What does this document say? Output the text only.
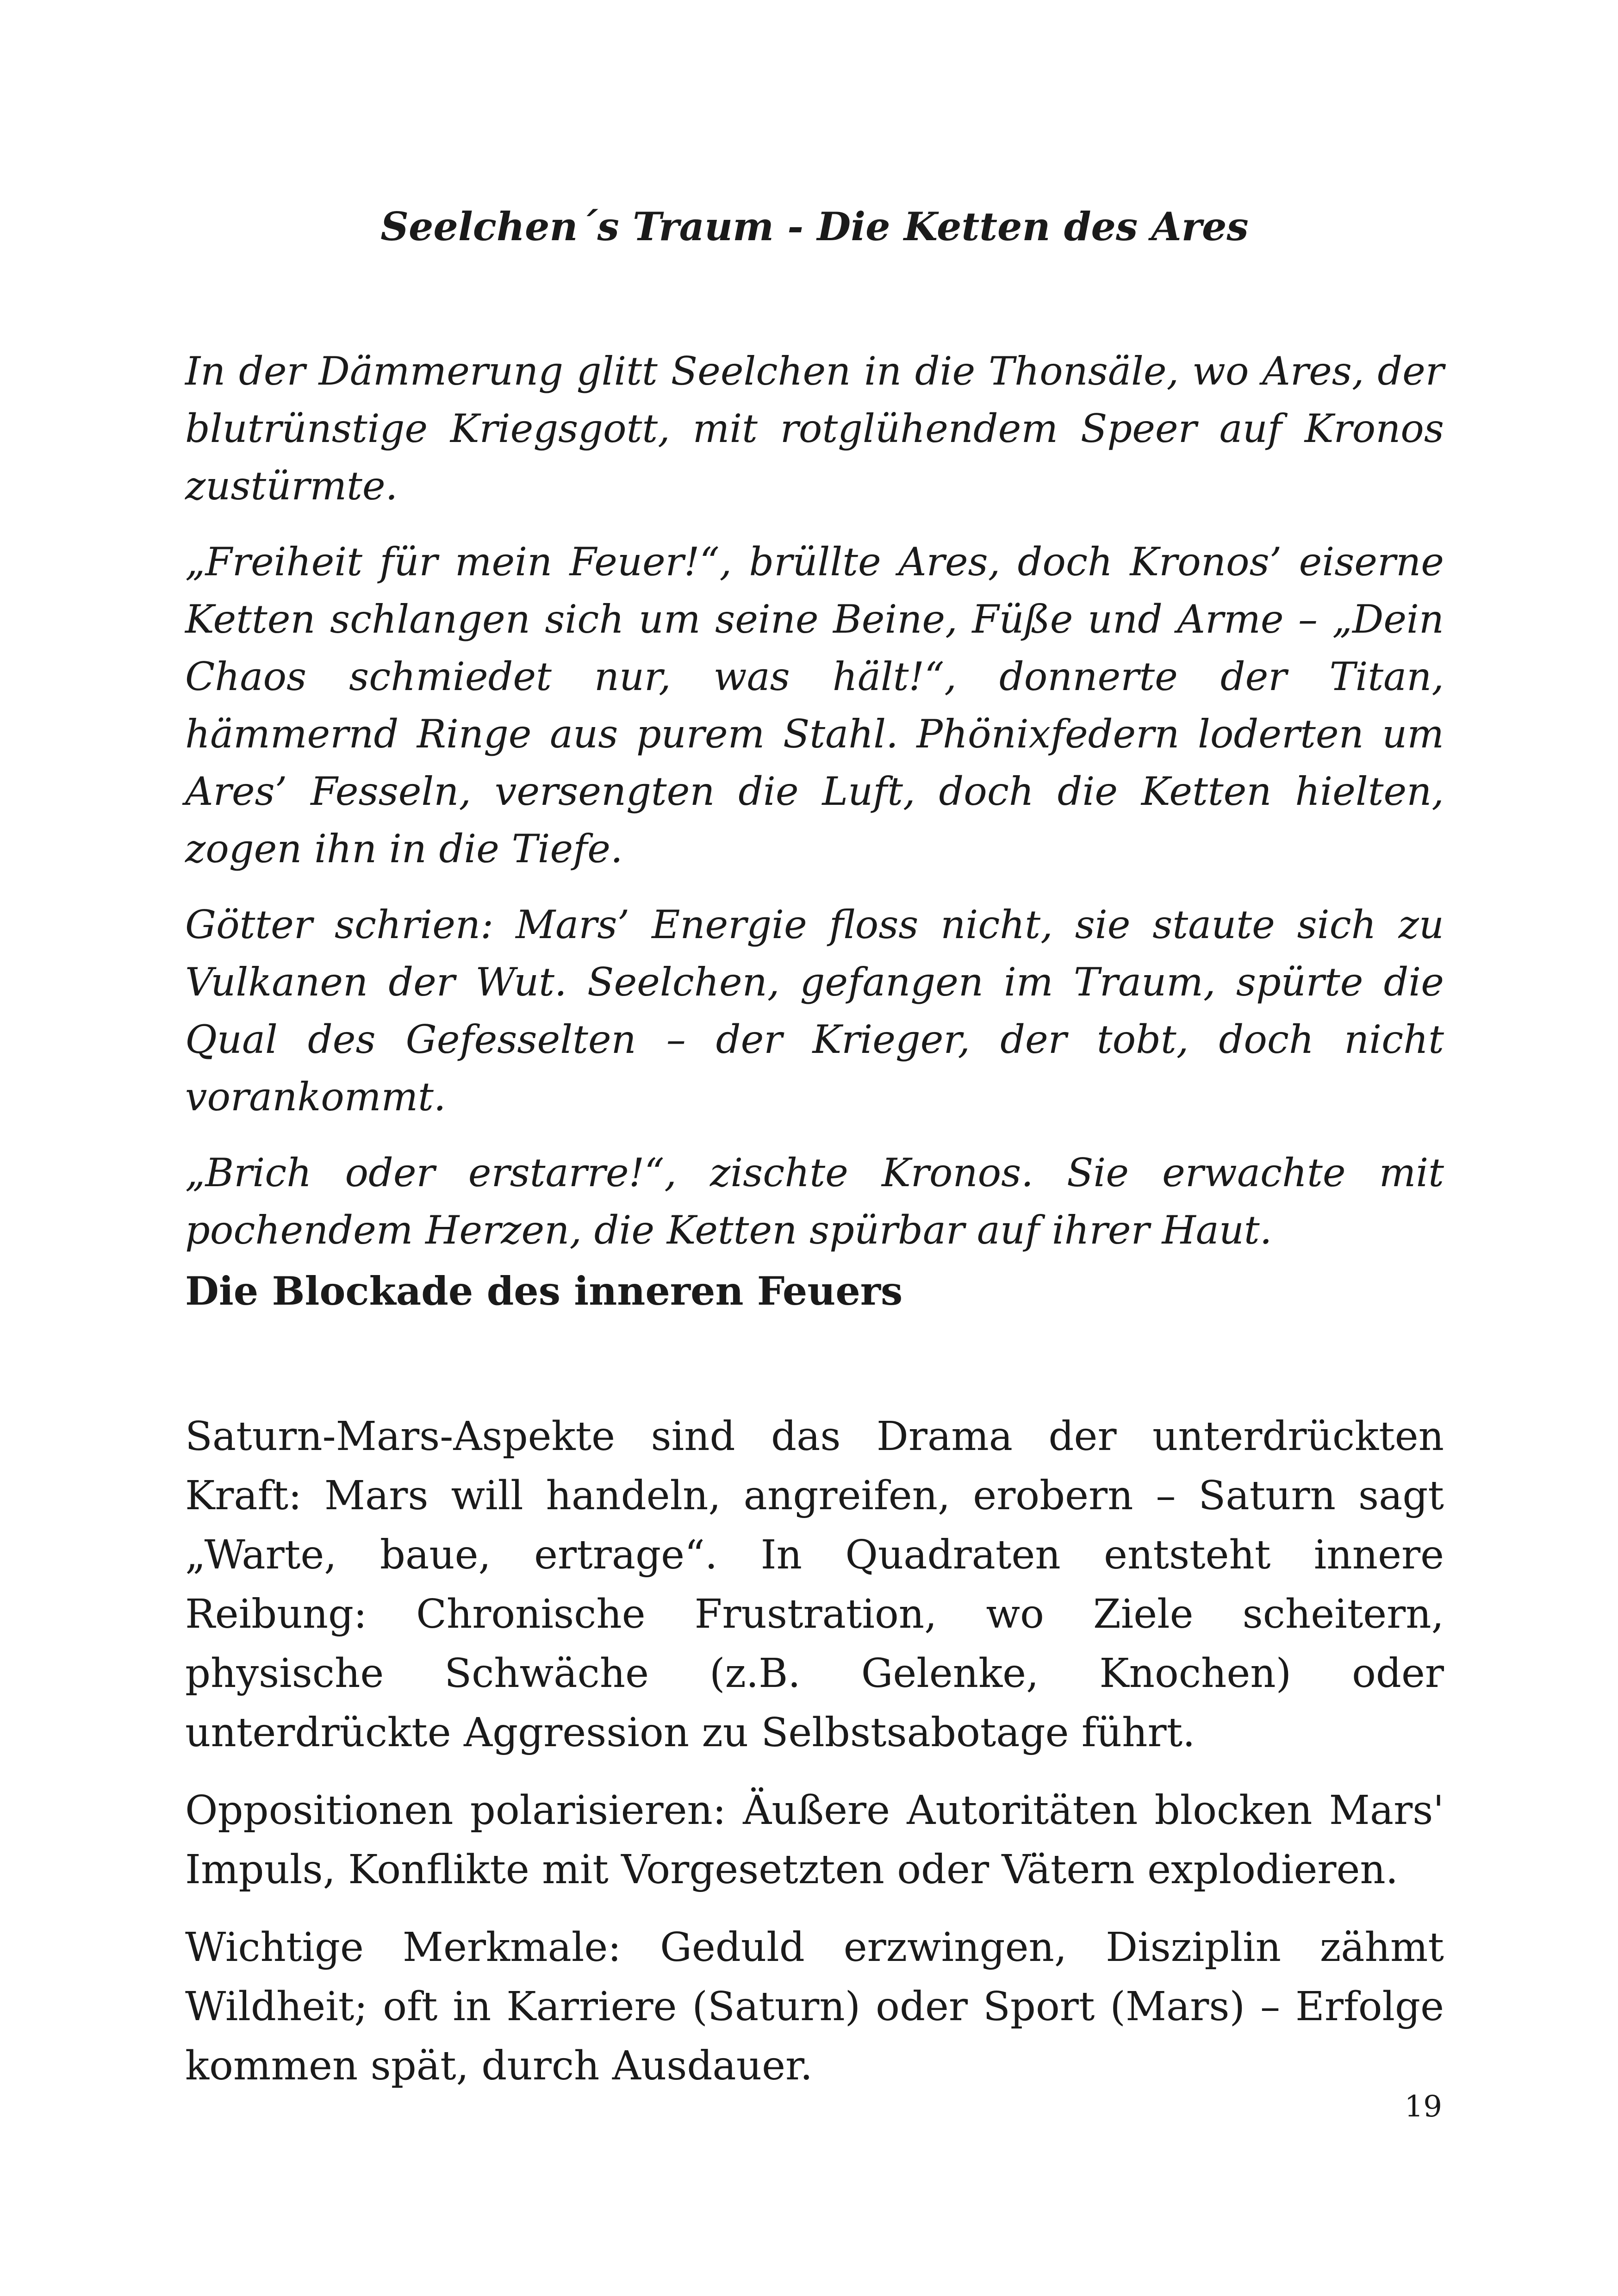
Seelchen´s Traum - Die Ketten des Ares

In der Dämmerung glitt Seelchen in die Thonsäle, wo Ares, der blutrünstige Kriegsgott, mit rotglühendem Speer auf Kronos zustürmte.

„Freiheit für mein Feuer!“, brüllte Ares, doch Kronos’ eiserne Ketten schlangen sich um seine Beine, Füße und Arme – „Dein Chaos schmiedet nur, was hält!“, donnerte der Titan, hämmernd Ringe aus purem Stahl. Phönixfedern loderten um Ares’ Fesseln, versengten die Luft, doch die Ketten hielten, zogen ihn in die Tiefe.

Götter schrien: Mars’ Energie floss nicht, sie staute sich zu Vulkanen der Wut. Seelchen, gefangen im Traum, spürte die Qual des Gefesselten – der Krieger, der tobt, doch nicht vorankommt.

„Brich oder erstarre!“, zischte Kronos. Sie erwachte mit pochendem Herzen, die Ketten spürbar auf ihrer Haut.

Die Blockade des inneren Feuers

Saturn-Mars-Aspekte sind das Drama der unterdrückten Kraft: Mars will handeln, angreifen, erobern – Saturn sagt „Warte, baue, ertrage“. In Quadraten entsteht innere Reibung: Chronische Frustration, wo Ziele scheitern, physische Schwäche (z.B. Gelenke, Knochen) oder unterdrückte Aggression zu Selbstsabotage führt.

Oppositionen polarisieren: Äußere Autoritäten blocken Mars' Impuls, Konflikte mit Vorgesetzten oder Vätern explodieren.

Wichtige Merkmale: Geduld erzwingen, Disziplin zähmt Wildheit; oft in Karriere (Saturn) oder Sport (Mars) – Erfolge kommen spät, durch Ausdauer.

19
